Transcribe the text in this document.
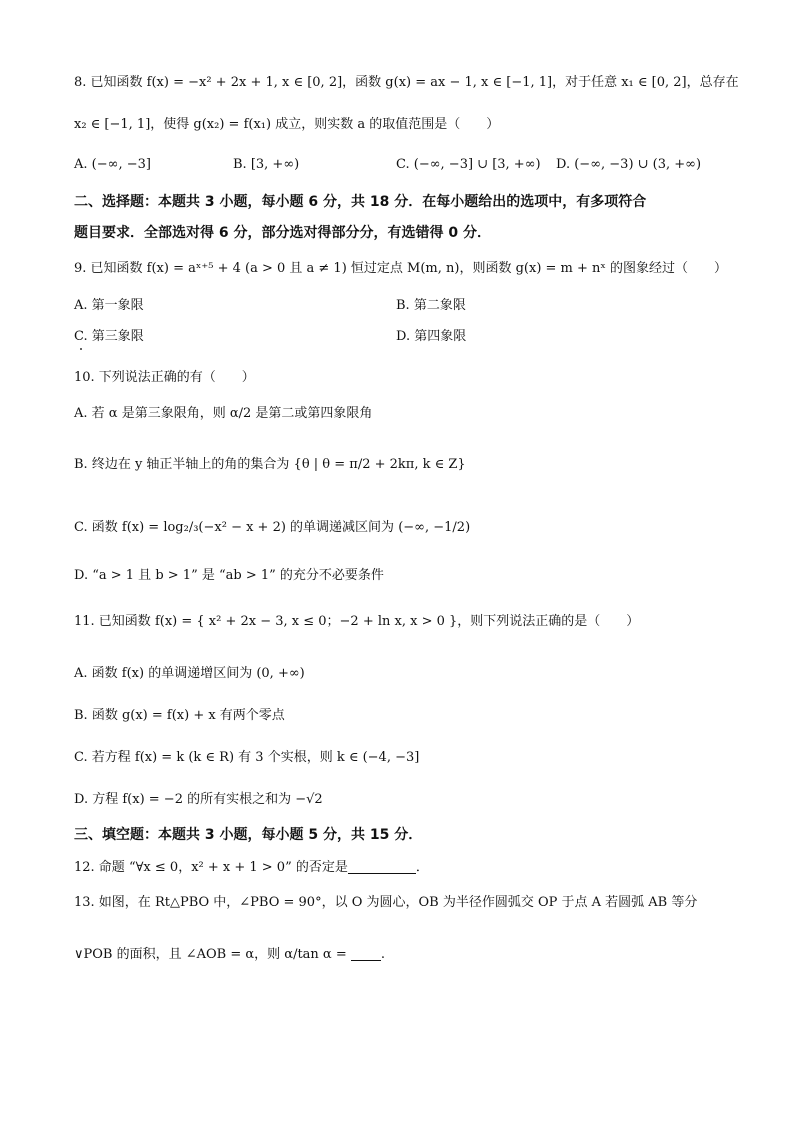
8. 已知函数 f(x) = −x² + 2x + 1, x ∈ [0, 2]，函数 g(x) = ax − 1, x ∈ [−1, 1]，对于任意 x₁ ∈ [0, 2]，总存在
x₂ ∈ [−1, 1]，使得 g(x₂) = f(x₁) 成立，则实数 a 的取值范围是（　　）
A. (−∞, −3]	B. [3, +∞)	C. (−∞, −3] ∪ [3, +∞) D. (−∞, −3) ∪ (3, +∞)
二、选择题：本题共 3 小题，每小题 6 分，共 18 分．在每小题给出的选项中，有多项符合
题目要求．全部选对得 6 分，部分选对得部分分，有选错得 0 分．
9. 已知函数 f(x) = aˣ⁺⁵ + 4 (a > 0 且 a ≠ 1) 恒过定点 M(m, n)，则函数 g(x) = m + nˣ 的图象经过（　　）
A. 第一象限	B. 第二象限
C. 第三象限	D. 第四象限
10. 下列说法正确的有（　　）
A. 若 α 是第三象限角，则 α/2 是第二或第四象限角
B. 终边在 y 轴正半轴上的角的集合为 {θ | θ = π/2 + 2kπ, k ∈ Z}
C. 函数 f(x) = log₂/₃(−x² − x + 2) 的单调递减区间为 (−∞, −1/2)
D. “a > 1 且 b > 1” 是 “ab > 1” 的充分不必要条件
11. 已知函数 f(x) = { x² + 2x − 3, x ≤ 0；−2 + ln x, x > 0 }，则下列说法正确的是（　　）
A. 函数 f(x) 的单调递增区间为 (0, +∞)
B. 函数 g(x) = f(x) + x 有两个零点
C. 若方程 f(x) = k (k ∈ R) 有 3 个实根，则 k ∈ (−4, −3]
D. 方程 f(x) = −2 的所有实根之和为 −√2
三、填空题：本题共 3 小题，每小题 5 分，共 15 分．
12. 命题 “∀x ≤ 0，x² + x + 1 > 0” 的否定是	．
13. 如图，在 Rt△PBO 中，∠PBO = 90°，以 O 为圆心，OB 为半径作圆弧交 OP 于点 A 若圆弧 AB 等分
∨POB 的面积，且 ∠AOB = α，则 α/tan α =	.
